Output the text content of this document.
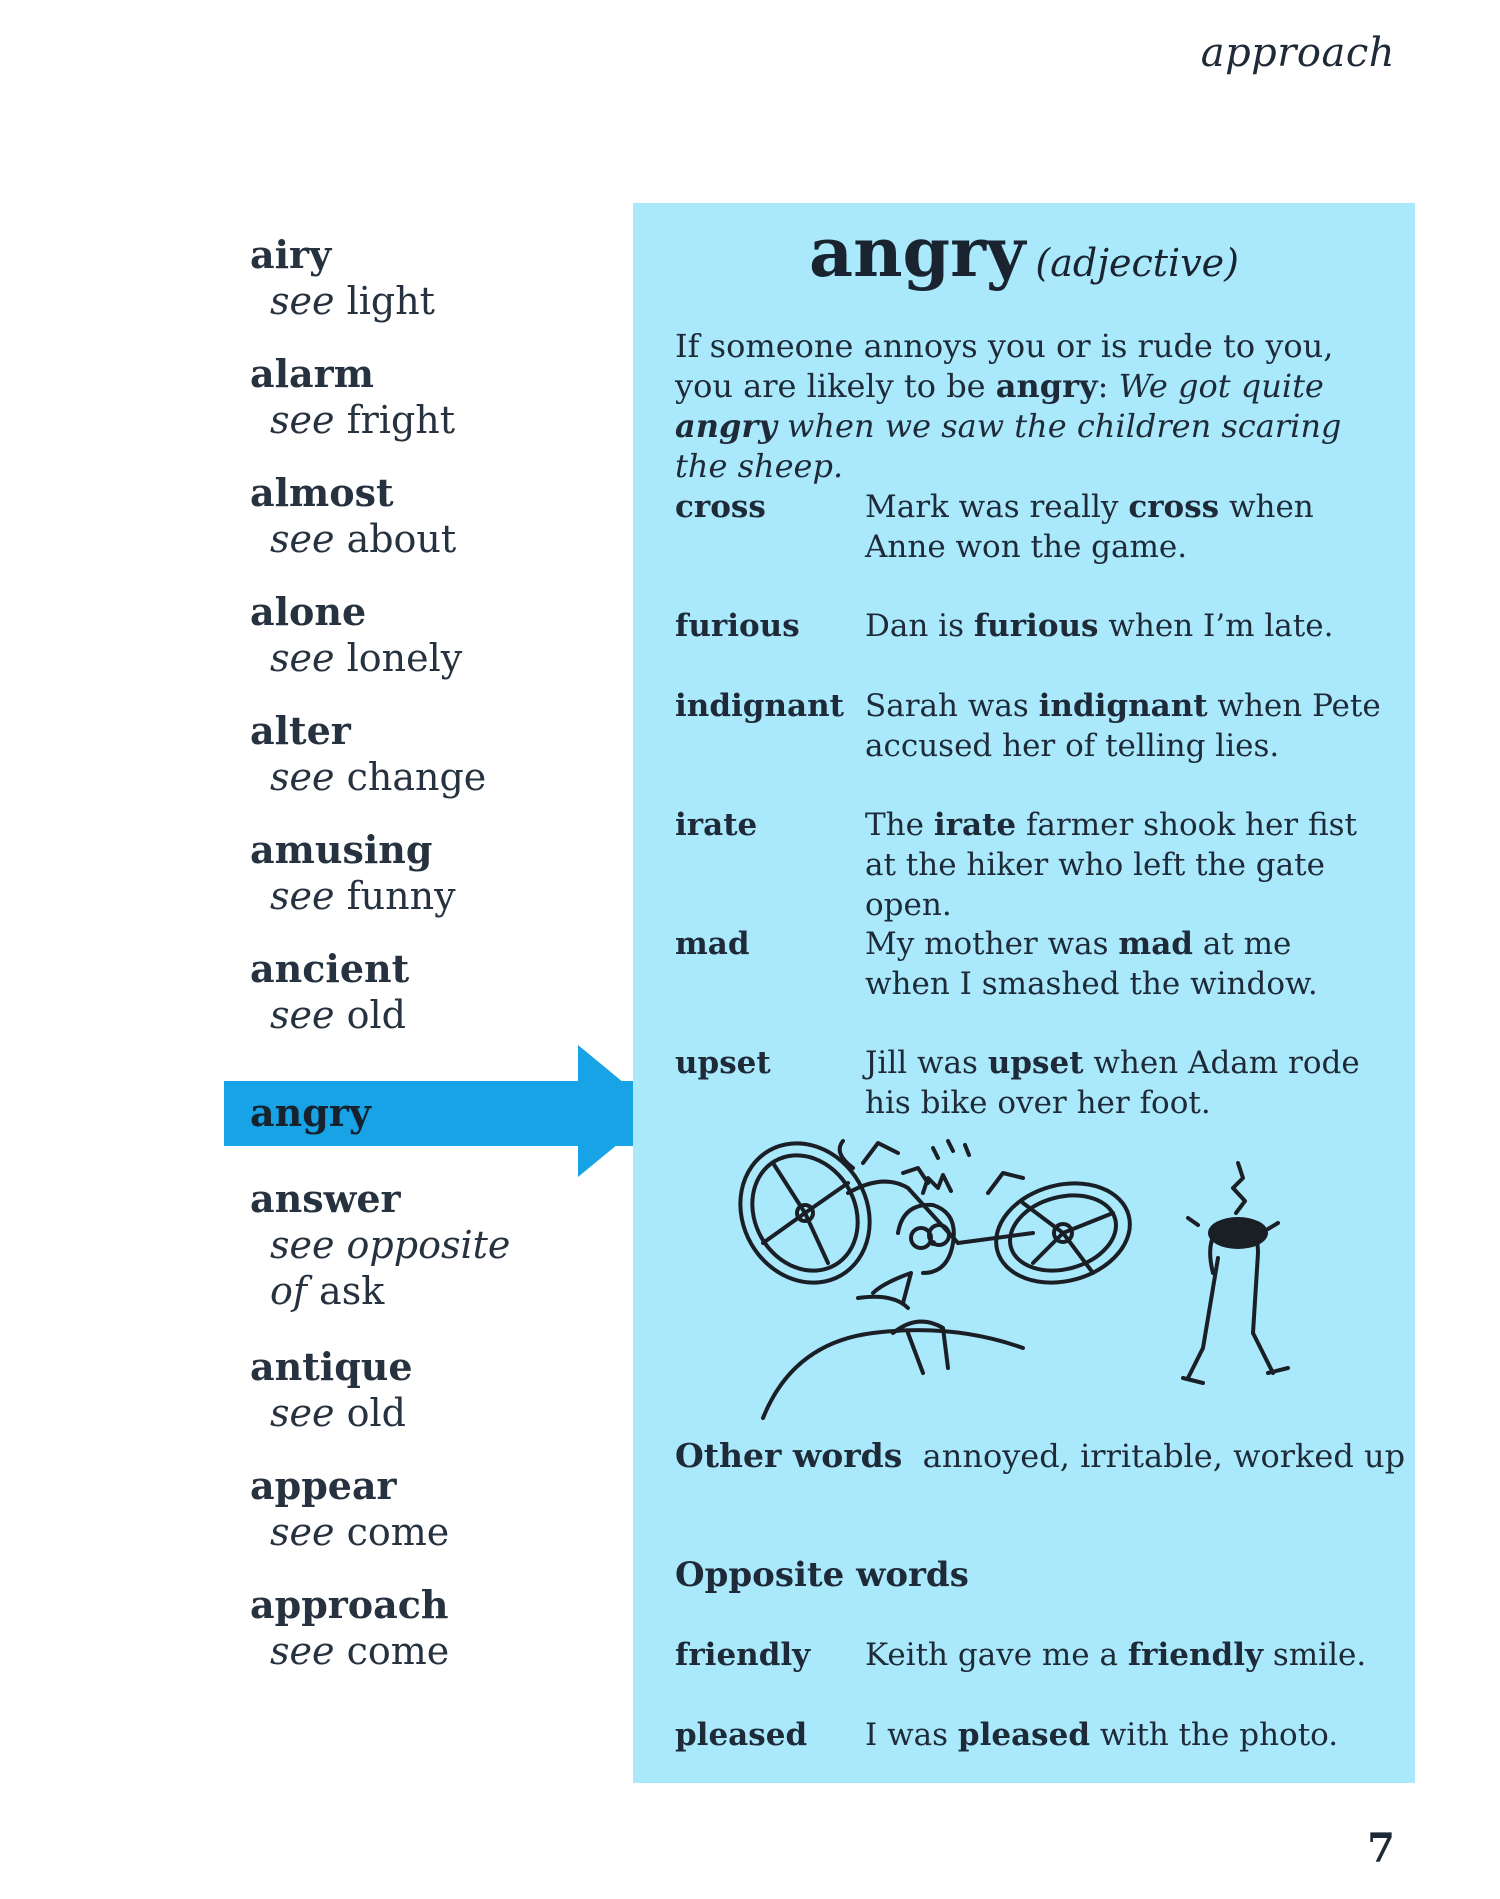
approach
airy
see light
alarm
see fright
almost
see about
alone
see lonely
alter
see change
amusing
see funny
ancient
see old
angry
answer
see opposite
of ask
antique
see old
appear
see come
approach
see come
angry (adjective)
If someone annoys you or is rude to you, you are likely to be angry: We got quite angry when we saw the children scaring the sheep.
cross	Mark was really cross when Anne won the game.
furious Dan is furious when I’m late.
indignant Sarah was indignant when Pete accused her of telling lies.
irate	The irate farmer shook her fist at the hiker who left the gate open.
mad	My mother was mad at me when I smashed the window.
upset	Jill was upset when Adam rode his bike over her foot.
Other words annoyed, irritable, worked up
Opposite words
friendly Keith gave me a friendly smile.
pleased I was pleased with the photo.
7
